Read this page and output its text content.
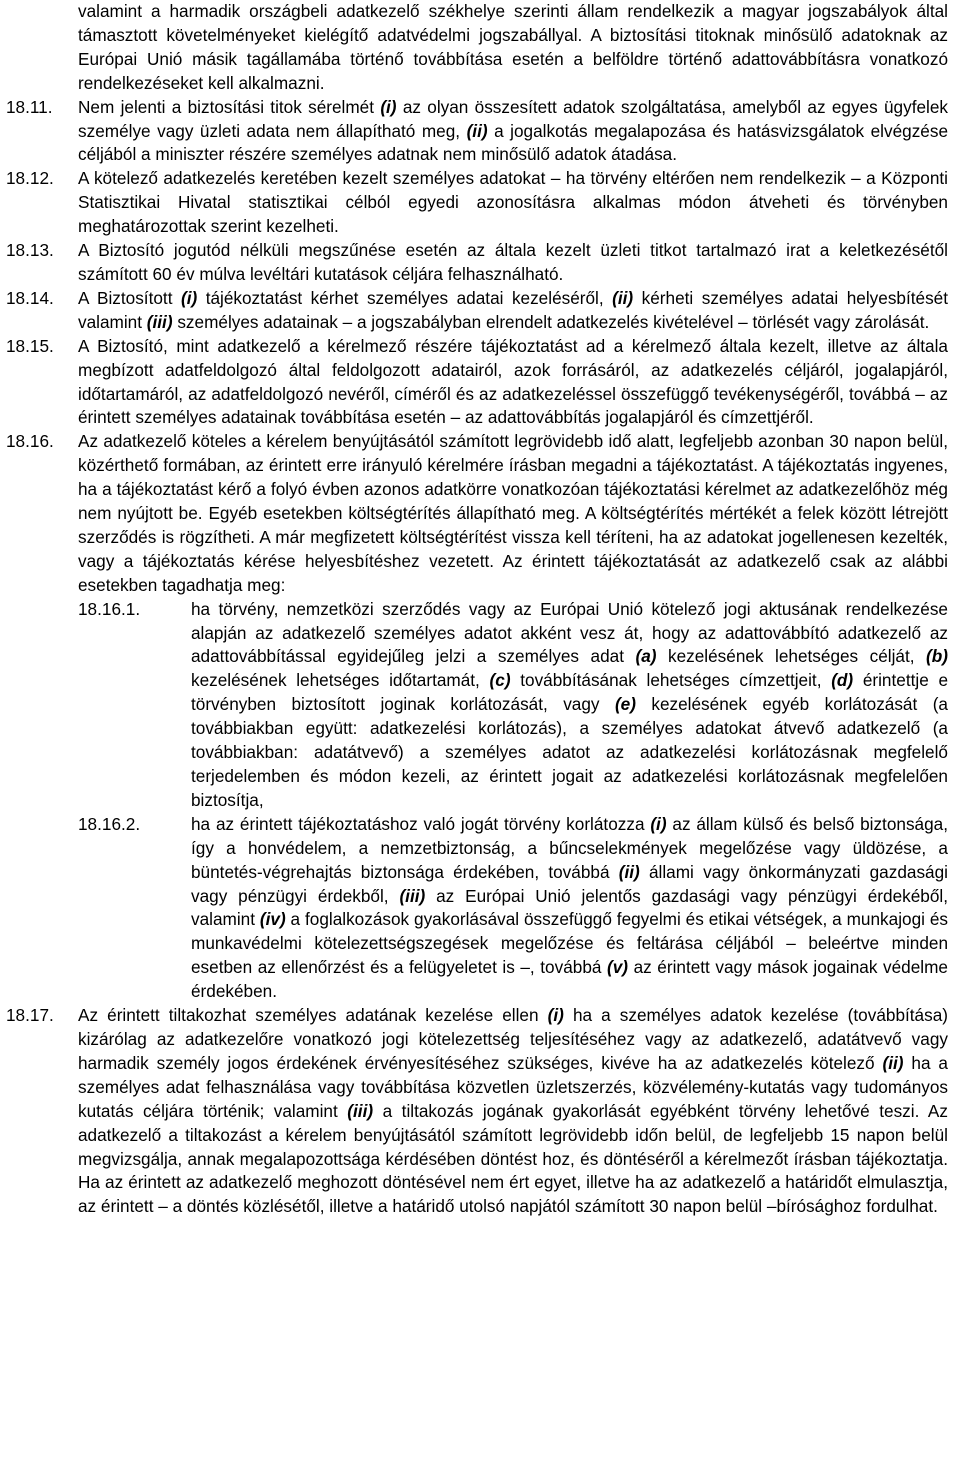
valamint a harmadik országbeli adatkezelő székhelye szerinti állam rendelkezik a magyar jogszabályok által támasztott követelményeket kielégítő adatvédelmi jogszabállyal. A biztosítási titoknak minősülő adatoknak az Európai Unió másik tagállamába történő továbbítása esetén a belföldre történő adattovábbításra vonatkozó rendelkezéseket kell alkalmazni.
18.11.	Nem jelenti a biztosítási titok sérelmét (i) az olyan összesített adatok szolgáltatása, amelyből az egyes ügyfelek személye vagy üzleti adata nem állapítható meg, (ii) a jogalkotás megalapozása és hatásvizsgálatok elvégzése céljából a miniszter részére személyes adatnak nem minősülő adatok átadása.
18.12.	A kötelező adatkezelés keretében kezelt személyes adatokat – ha törvény eltérően nem rendelkezik – a Központi Statisztikai Hivatal statisztikai célból egyedi azonosításra alkalmas módon átveheti és törvényben meghatározottak szerint kezelheti.
18.13.	A Biztosító jogutód nélküli megszűnése esetén az általa kezelt üzleti titkot tartalmazó irat a keletkezésétől számított 60 év múlva levéltári kutatások céljára felhasználható.
18.14.	A Biztosított (i) tájékoztatást kérhet személyes adatai kezeléséről, (ii) kérheti személyes adatai helyesbítését valamint (iii) személyes adatainak – a jogszabályban elrendelt adatkezelés kivételével – törlését vagy zárolását.
18.15.	A Biztosító, mint adatkezelő a kérelmező részére tájékoztatást ad a kérelmező általa kezelt, illetve az általa megbízott adatfeldolgozó által feldolgozott adatairól, azok forrásáról, az adatkezelés céljáról, jogalapjáról, időtartamáról, az adatfeldolgozó nevéről, címéről és az adatkezeléssel összefüggő tevékenységéről, továbbá – az érintett személyes adatainak továbbítása esetén – az adattovábbítás jogalapjáról és címzettjéről.
18.16.	Az adatkezelő köteles a kérelem benyújtásától számított legrövidebb idő alatt, legfeljebb azonban 30 napon belül, közérthető formában, az érintett erre irányuló kérelmére írásban megadni a tájékoztatást. A tájékoztatás ingyenes, ha a tájékoztatást kérő a folyó évben azonos adatkörre vonatkozóan tájékoztatási kérelmet az adatkezelőhöz még nem nyújtott be. Egyéb esetekben költségtérítés állapítható meg. A költségtérítés mértékét a felek között létrejött szerződés is rögzítheti. A már megfizetett költségtérítést vissza kell téríteni, ha az adatokat jogellenesen kezelték, vagy a tájékoztatás kérése helyesbítéshez vezetett. Az érintett tájékoztatását az adatkezelő csak az alábbi esetekben tagadhatja meg:
18.16.1.	ha törvény, nemzetközi szerződés vagy az Európai Unió kötelező jogi aktusának rendelkezése alapján az adatkezelő személyes adatot akként vesz át, hogy az adattovábbító adatkezelő az adattovábbítással egyidejűleg jelzi a személyes adat (a) kezelésének lehetséges célját, (b) kezelésének lehetséges időtartamát, (c) továbbításának lehetséges címzettjeit, (d) érintettje e törvényben biztosított joginak korlátozását, vagy (e) kezelésének egyéb korlátozását (a továbbiakban együtt: adatkezelési korlátozás), a személyes adatokat átvevő adatkezelő (a továbbiakban: adatátvevő) a személyes adatot az adatkezelési korlátozásnak megfelelő terjedelemben és módon kezeli, az érintett jogait az adatkezelési korlátozásnak megfelelően biztosítja,
18.16.2.	ha az érintett tájékoztatáshoz való jogát törvény korlátozza (i) az állam külső és belső biztonsága, így a honvédelem, a nemzetbiztonság, a bűncselekmények megelőzése vagy üldözése, a büntetés-végrehajtás biztonsága érdekében, továbbá (ii) állami vagy önkormányzati gazdasági vagy pénzügyi érdekből, (iii) az Európai Unió jelentős gazdasági vagy pénzügyi érdekéből, valamint (iv) a foglalkozások gyakorlásával összefüggő fegyelmi és etikai vétségek, a munkajogi és munkavédelmi kötelezettségszegések megelőzése és feltárása céljából – beleértve minden esetben az ellenőrzést és a felügyeletet is –, továbbá (v) az érintett vagy mások jogainak védelme érdekében.
18.17.	Az érintett tiltakozhat személyes adatának kezelése ellen (i) ha a személyes adatok kezelése (továbbítása) kizárólag az adatkezelőre vonatkozó jogi kötelezettség teljesítéséhez vagy az adatkezelő, adatátvevő vagy harmadik személy jogos érdekének érvényesítéséhez szükséges, kivéve ha az adatkezelés kötelező (ii) ha a személyes adat felhasználása vagy továbbítása közvetlen üzletszerzés, közvélemény-kutatás vagy tudományos kutatás céljára történik; valamint (iii) a tiltakozás jogának gyakorlását egyébként törvény lehetővé teszi. Az adatkezelő a tiltakozást a kérelem benyújtásától számított legrövidebb időn belül, de legfeljebb 15 napon belül megvizsgálja, annak megalapozottsága kérdésében döntést hoz, és döntéséről a kérelmezőt írásban tájékoztatja. Ha az érintett az adatkezelő meghozott döntésével nem ért egyet, illetve ha az adatkezelő a határidőt elmulasztja, az érintett – a döntés közlésétől, illetve a határidő utolsó napjától számított 30 napon belül –bírósághoz fordulhat.
